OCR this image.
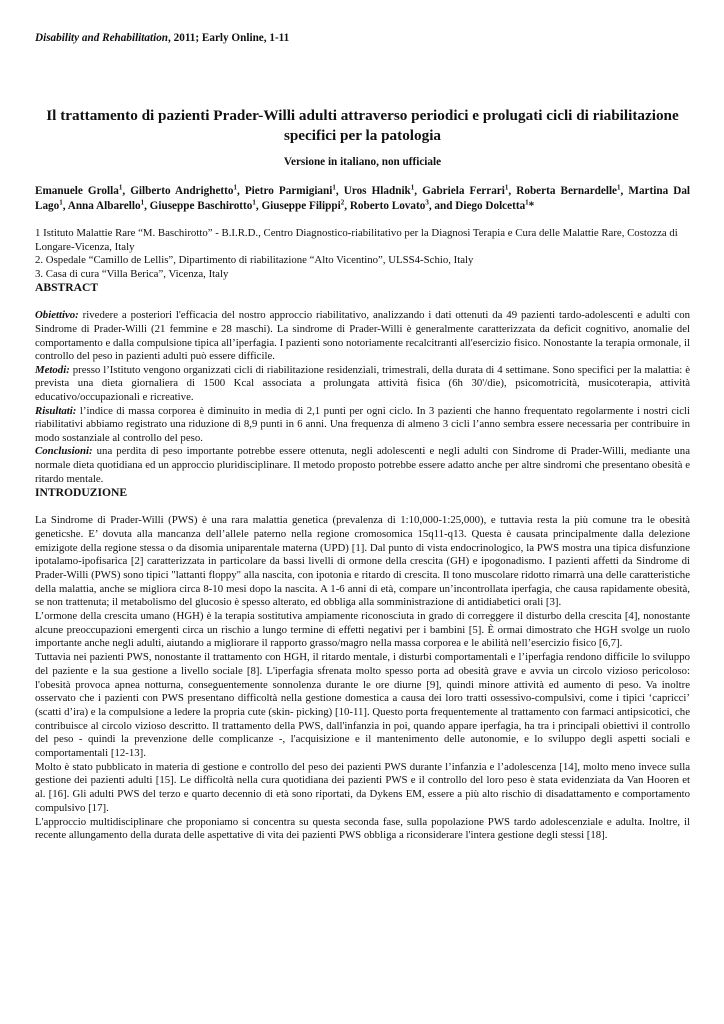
Disability and Rehabilitation, 2011; Early Online, 1-11
Il trattamento di pazienti Prader-Willi adulti attraverso periodici e prolugati cicli di riabilitazione specifici per la patologia
Versione in italiano, non ufficiale
Emanuele Grolla$^1$, Gilberto Andrighetto$^1$, Pietro Parmigiani$^1$, Uros Hladnik$^1$, Gabriela Ferrari$^1$, Roberta Bernardelle$^1$, Martina Dal Lago$^1$, Anna Albarello$^1$, Giuseppe Baschirotto$^1$, Giuseppe Filippi$^2$, Roberto Lovato$^3$, and Diego Dolcetta$^1$*
1 Istituto Malattie Rare “M. Baschirotto” - B.I.R.D., Centro Diagnostico-riabilitativo per la Diagnosi Terapia e Cura delle Malattie Rare, Costozza di Longare-Vicenza, Italy
2. Ospedale “Camillo de Lellis”, Dipartimento di riabilitazione “Alto Vicentino”, ULSS4-Schio, Italy
3. Casa di cura “Villa Berica”, Vicenza, Italy
ABSTRACT

Obiettivo: rivedere a posteriori l'efficacia del nostro approccio riabilitativo, analizzando i dati ottenuti da 49 pazienti tardo-adolescenti e adulti con Sindrome di Prader-Willi (21 femmine e 28 maschi). La sindrome di Prader-Willi è generalmente caratterizzata da deficit cognitivo, anomalie del comportamento e dalla compulsione tipica all’iperfagia. I pazienti sono notoriamente recalcitranti all'esercizio fisico. Nonostante la terapia ormonale, il controllo del peso in pazienti adulti può essere difficile.

Metodi: presso l’Istituto vengono organizzati cicli di riabilitazione residenziali, trimestrali, della durata di 4 settimane. Sono specifici per la malattia: è prevista una dieta giornaliera di 1500 Kcal associata a prolungata attività fisica (6h 30'/die), psicomotricità, musicoterapia, attività educativo/occupazionali e ricreative.

Risultati: l’indice di massa corporea è diminuito in media di 2,1 punti per ogni ciclo. In 3 pazienti che hanno frequentato regolarmente i nostri cicli riabilitativi abbiamo registrato una riduzione di 8,9 punti in 6 anni. Una frequenza di almeno 3 cicli l’anno sembra essere necessaria per contribuire in modo sostanziale al controllo del peso.

Conclusioni: una perdita di peso importante potrebbe essere ottenuta, negli adolescenti e negli adulti con Sindrome di Prader-Willi, mediante una normale dieta quotidiana ed un approccio pluridisciplinare. Il metodo proposto potrebbe essere adatto anche per altre sindromi che presentano obesità e ritardo mentale.

INTRODUZIONE

La Sindrome di Prader-Willi (PWS) è una rara malattia genetica (prevalenza di 1:10,000-1:25,000), e tuttavia resta la più comune tra le obesità geneticshe. E’ dovuta alla mancanza dell’allele paterno nella regione cromosomica 15q11-q13. Questa è causata principalmente dalla delezione emizigote della regione stessa o da disomia uniparentale materna (UPD) [1]. Dal punto di vista endocrinologico, la PWS mostra una tipica disfunzione ipotalamo-ipofisarica [2] caratterizzata in particolare da bassi livelli di ormone della crescita (GH) e ipogonadismo. I pazienti affetti da Sindrome di Prader-Willi (PWS) sono tipici "lattanti floppy" alla nascita, con ipotonia e ritardo di crescita. Il tono muscolare ridotto rimarrà una delle caratteristiche della malattia, anche se migliora circa 8-10 mesi dopo la nascita. A 1-6 anni di età, compare un’incontrollata iperfagia, che causa rapidamente obesità, se non trattenuta; il metabolismo del glucosio è spesso alterato, ed obbliga alla somministrazione di antidiabetici orali [3].

L’ormone della crescita umano (HGH) è la terapia sostitutiva ampiamente riconosciuta in grado di correggere il disturbo della crescita [4], nonostante alcune preoccupazioni emergenti circa un rischio a lungo termine di effetti negativi per i bambini [5]. È ormai dimostrato che HGH svolge un ruolo importante anche negli adulti, aiutando a migliorare il rapporto grasso/magro nella massa corporea e le abilità nell’esercizio fisico [6,7].

Tuttavia nei pazienti PWS, nonostante il trattamento con HGH, il ritardo mentale, i disturbi comportamentali e l’iperfagia rendono difficile lo sviluppo del paziente e la sua gestione a livello sociale [8]. L'iperfagia sfrenata molto spesso porta ad obesità grave e avvia un circolo vizioso pericoloso: l'obesità provoca apnea notturna, conseguentemente sonnolenza durante le ore diurne [9], quindi minore attività ed aumento di peso. Va inoltre osservato che i pazienti con PWS presentano difficoltà nella gestione domestica a causa dei loro tratti ossessivo-compulsivi, come i tipici ‘capricci’ (scatti d’ira) e la compulsione a ledere la propria cute (skin- picking) [10-11]. Questo porta frequentemente al trattamento con farmaci antipsicotici, che contribuisce al circolo vizioso descritto. Il trattamento della PWS, dall'infanzia in poi, quando appare iperfagia, ha tra i principali obiettivi il controllo del peso - quindi la prevenzione delle complicanze -, l'acquisizione e il mantenimento delle autonomie, e lo sviluppo degli aspetti sociali e comportamentali [12-13].

Molto è stato pubblicato in materia di gestione e controllo del peso dei pazienti PWS durante l’infanzia e l’adolescenza [14], molto meno invece sulla gestione dei pazienti adulti [15]. Le difficoltà nella cura quotidiana dei pazienti PWS e il controllo del loro peso è stata evidenziata da Van Hooren et al. [16]. Gli adulti PWS del terzo e quarto decennio di età sono riportati, da Dykens EM, essere a più alto rischio di disadattamento e comportamento compulsivo [17].

L'approccio multidisciplinare che proponiamo si concentra su questa seconda fase, sulla popolazione PWS tardo adolescenziale e adulta. Inoltre, il recente allungamento della durata delle aspettative di vita dei pazienti PWS obbliga a riconsiderare l'intera gestione degli stessi [18].
